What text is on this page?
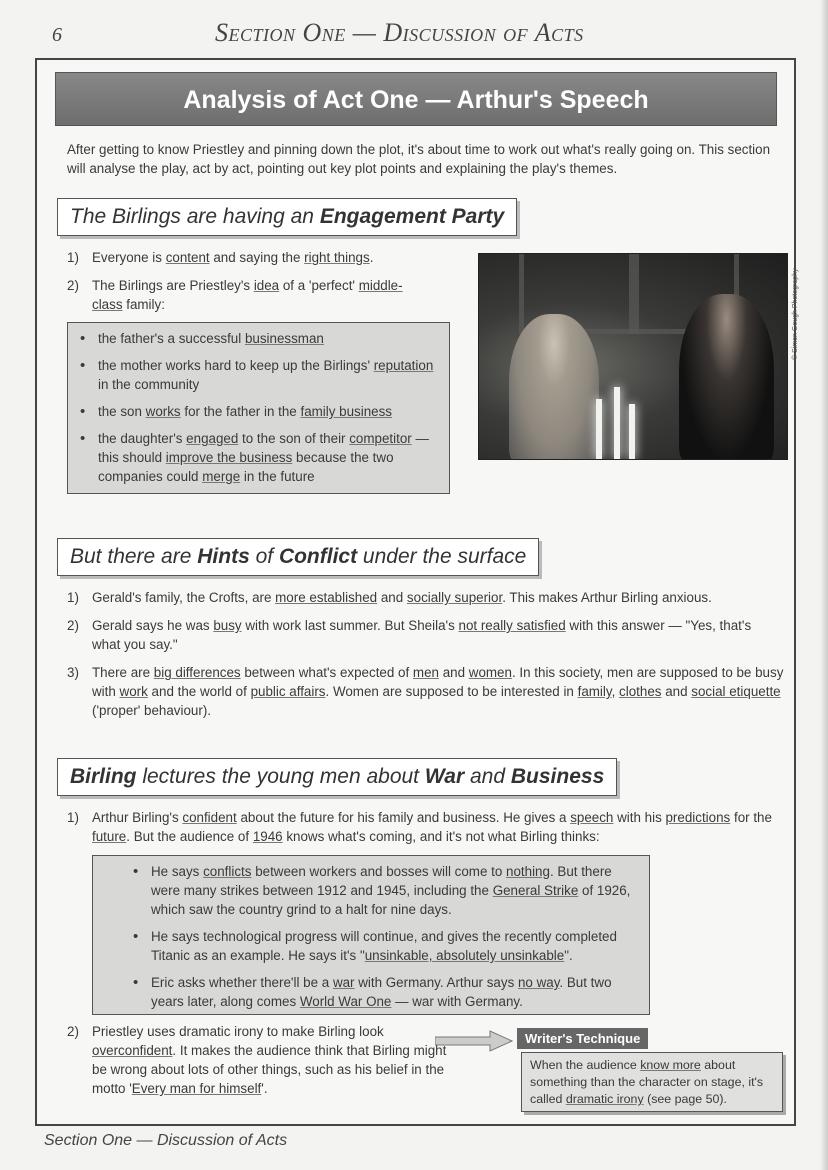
6	Section One — Discussion of Acts
Analysis of Act One — Arthur's Speech
After getting to know Priestley and pinning down the plot, it's about time to work out what's really going on. This section will analyse the play, act by act, pointing out key plot points and explaining the play's themes.
The Birlings are having an Engagement Party
1) Everyone is content and saying the right things.
2) The Birlings are Priestley's idea of a 'perfect' middle-class family:
• the father's a successful businessman
• the mother works hard to keep up the Birlings' reputation in the community
• the son works for the father in the family business
• the daughter's engaged to the son of their competitor — this should improve the business because the two companies could merge in the future
© Simon Gough Photography
But there are Hints of Conflict under the surface
1) Gerald's family, the Crofts, are more established and socially superior. This makes Arthur Birling anxious.
2) Gerald says he was busy with work last summer. But Sheila's not really satisfied with this answer — "Yes, that's what you say."
3) There are big differences between what's expected of men and women. In this society, men are supposed to be busy with work and the world of public affairs. Women are supposed to be interested in family, clothes and social etiquette ('proper' behaviour).
Birling lectures the young men about War and Business
1) Arthur Birling's confident about the future for his family and business. He gives a speech with his predictions for the future. But the audience of 1946 knows what's coming, and it's not what Birling thinks:
• He says conflicts between workers and bosses will come to nothing. But there were many strikes between 1912 and 1945, including the General Strike of 1926, which saw the country grind to a halt for nine days.
• He says technological progress will continue, and gives the recently completed Titanic as an example. He says it's "unsinkable, absolutely unsinkable".
• Eric asks whether there'll be a war with Germany. Arthur says no way. But two years later, along comes World War One — war with Germany.
2) Priestley uses dramatic irony to make Birling look overconfident. It makes the audience think that Birling might be wrong about lots of other things, such as his belief in the motto 'Every man for himself'.
Writer's Technique
When the audience know more about something than the character on stage, it's called dramatic irony (see page 50).
Section One — Discussion of Acts
